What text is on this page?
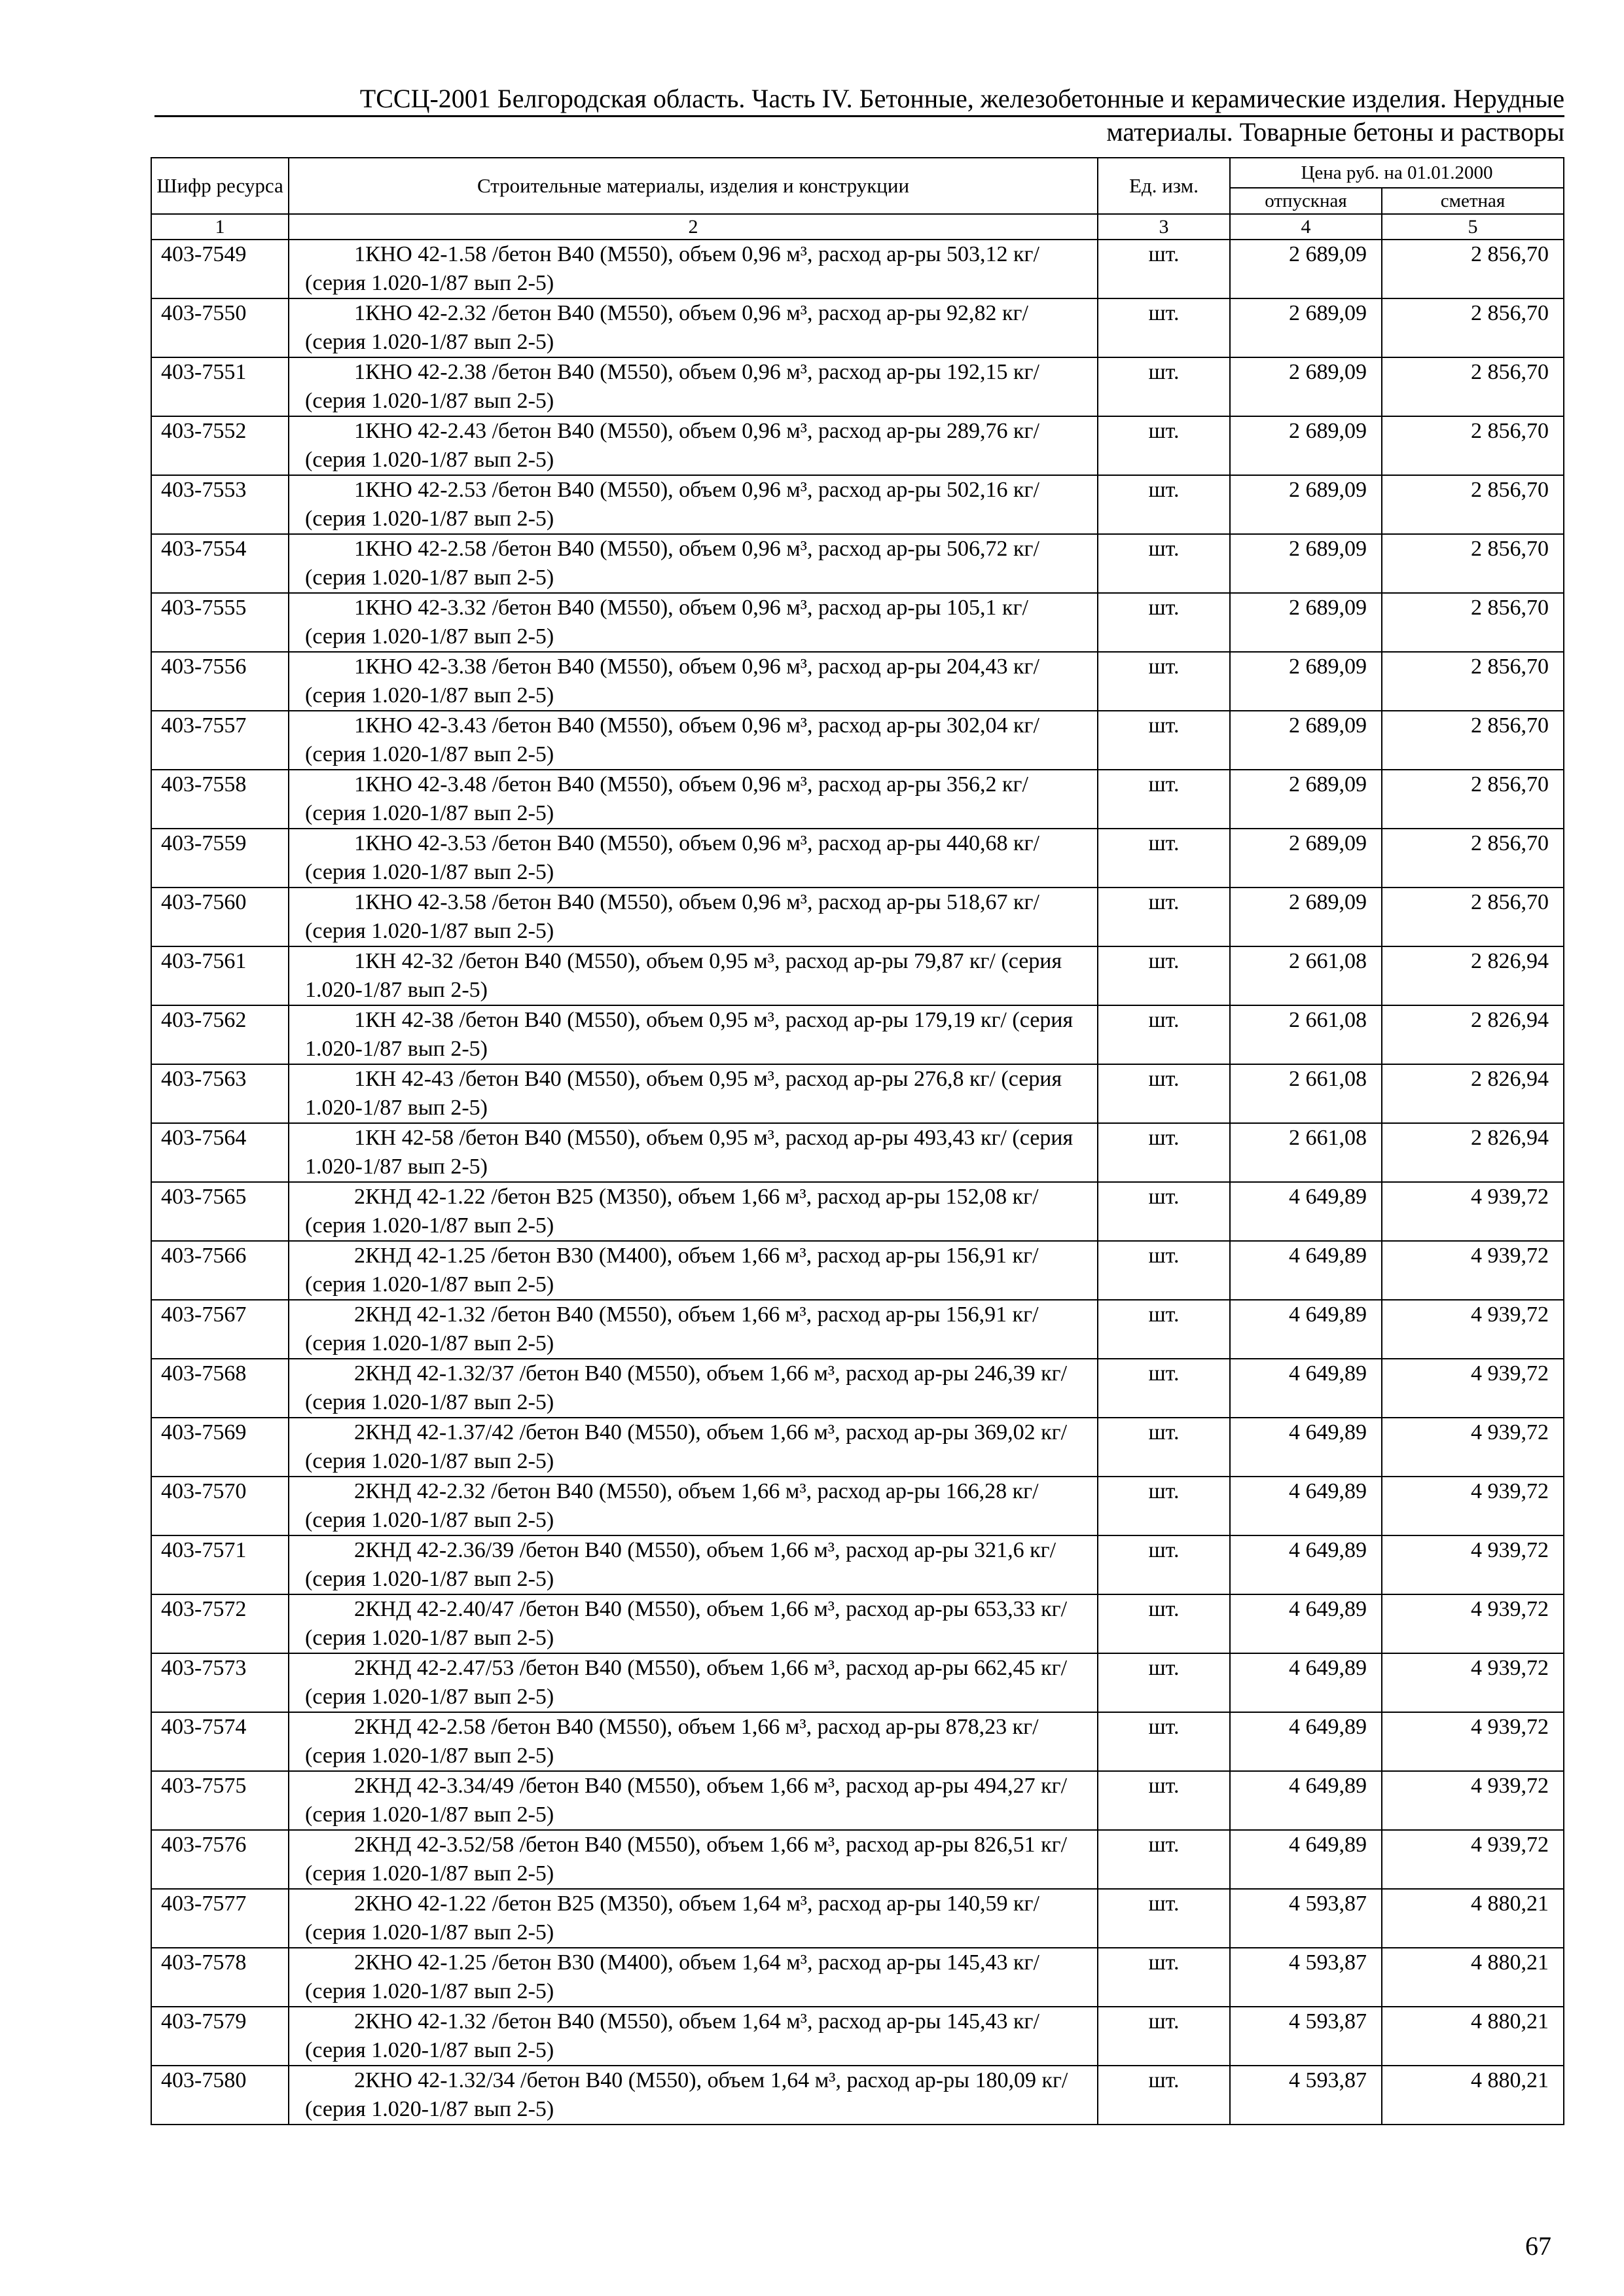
ТССЦ-2001 Белгородская область. Часть IV. Бетонные, железобетонные и керамические изделия. Нерудные
материалы. Товарные бетоны и растворы
Шифр ресурса	Строительные материалы, изделия и конструкции	Ед. изм.	Цена руб. на 01.01.2000	
			отпускная	сметная
1	2	3	4	5
403-7549	1КНО 42-1.58 /бетон В40 (М550), объем 0,96 м³, расход ар-ры 503,12 кг/ (серия 1.020-1/87 вып 2-5)	шт.	2 689,09	2 856,70
403-7550	1КНО 42-2.32 /бетон В40 (М550), объем 0,96 м³, расход ар-ры 92,82 кг/ (серия 1.020-1/87 вып 2-5)	шт.	2 689,09	2 856,70
403-7551	1КНО 42-2.38 /бетон В40 (М550), объем 0,96 м³, расход ар-ры 192,15 кг/ (серия 1.020-1/87 вып 2-5)	шт.	2 689,09	2 856,70
403-7552	1КНО 42-2.43 /бетон В40 (М550), объем 0,96 м³, расход ар-ры 289,76 кг/ (серия 1.020-1/87 вып 2-5)	шт.	2 689,09	2 856,70
403-7553	1КНО 42-2.53 /бетон В40 (М550), объем 0,96 м³, расход ар-ры 502,16 кг/ (серия 1.020-1/87 вып 2-5)	шт.	2 689,09	2 856,70
403-7554	1КНО 42-2.58 /бетон В40 (М550), объем 0,96 м³, расход ар-ры 506,72 кг/ (серия 1.020-1/87 вып 2-5)	шт.	2 689,09	2 856,70
403-7555	1КНО 42-3.32 /бетон В40 (М550), объем 0,96 м³, расход ар-ры 105,1 кг/ (серия 1.020-1/87 вып 2-5)	шт.	2 689,09	2 856,70
403-7556	1КНО 42-3.38 /бетон В40 (М550), объем 0,96 м³, расход ар-ры 204,43 кг/ (серия 1.020-1/87 вып 2-5)	шт.	2 689,09	2 856,70
403-7557	1КНО 42-3.43 /бетон В40 (М550), объем 0,96 м³, расход ар-ры 302,04 кг/ (серия 1.020-1/87 вып 2-5)	шт.	2 689,09	2 856,70
403-7558	1КНО 42-3.48 /бетон В40 (М550), объем 0,96 м³, расход ар-ры 356,2 кг/ (серия 1.020-1/87 вып 2-5)	шт.	2 689,09	2 856,70
403-7559	1КНО 42-3.53 /бетон В40 (М550), объем 0,96 м³, расход ар-ры 440,68 кг/ (серия 1.020-1/87 вып 2-5)	шт.	2 689,09	2 856,70
403-7560	1КНО 42-3.58 /бетон В40 (М550), объем 0,96 м³, расход ар-ры 518,67 кг/ (серия 1.020-1/87 вып 2-5)	шт.	2 689,09	2 856,70
403-7561	1КН 42-32 /бетон В40 (М550), объем 0,95 м³, расход ар-ры 79,87 кг/ (серия 1.020-1/87 вып 2-5)	шт.	2 661,08	2 826,94
403-7562	1КН 42-38 /бетон В40 (М550), объем 0,95 м³, расход ар-ры 179,19 кг/ (серия 1.020-1/87 вып 2-5)	шт.	2 661,08	2 826,94
403-7563	1КН 42-43 /бетон В40 (М550), объем 0,95 м³, расход ар-ры 276,8 кг/ (серия 1.020-1/87 вып 2-5)	шт.	2 661,08	2 826,94
403-7564	1КН 42-58 /бетон В40 (М550), объем 0,95 м³, расход ар-ры 493,43 кг/ (серия 1.020-1/87 вып 2-5)	шт.	2 661,08	2 826,94
403-7565	2КНД 42-1.22 /бетон В25 (М350), объем 1,66 м³, расход ар-ры 152,08 кг/ (серия 1.020-1/87 вып 2-5)	шт.	4 649,89	4 939,72
403-7566	2КНД 42-1.25 /бетон В30 (М400), объем 1,66 м³, расход ар-ры 156,91 кг/ (серия 1.020-1/87 вып 2-5)	шт.	4 649,89	4 939,72
403-7567	2КНД 42-1.32 /бетон В40 (М550), объем 1,66 м³, расход ар-ры 156,91 кг/ (серия 1.020-1/87 вып 2-5)	шт.	4 649,89	4 939,72
403-7568	2КНД 42-1.32/37 /бетон В40 (М550), объем 1,66 м³, расход ар-ры 246,39 кг/ (серия 1.020-1/87 вып 2-5)	шт.	4 649,89	4 939,72
403-7569	2КНД 42-1.37/42 /бетон В40 (М550), объем 1,66 м³, расход ар-ры 369,02 кг/ (серия 1.020-1/87 вып 2-5)	шт.	4 649,89	4 939,72
403-7570	2КНД 42-2.32 /бетон В40 (М550), объем 1,66 м³, расход ар-ры 166,28 кг/ (серия 1.020-1/87 вып 2-5)	шт.	4 649,89	4 939,72
403-7571	2КНД 42-2.36/39 /бетон В40 (М550), объем 1,66 м³, расход ар-ры 321,6 кг/ (серия 1.020-1/87 вып 2-5)	шт.	4 649,89	4 939,72
403-7572	2КНД 42-2.40/47 /бетон В40 (М550), объем 1,66 м³, расход ар-ры 653,33 кг/ (серия 1.020-1/87 вып 2-5)	шт.	4 649,89	4 939,72
403-7573	2КНД 42-2.47/53 /бетон В40 (М550), объем 1,66 м³, расход ар-ры 662,45 кг/ (серия 1.020-1/87 вып 2-5)	шт.	4 649,89	4 939,72
403-7574	2КНД 42-2.58 /бетон В40 (М550), объем 1,66 м³, расход ар-ры 878,23 кг/ (серия 1.020-1/87 вып 2-5)	шт.	4 649,89	4 939,72
403-7575	2КНД 42-3.34/49 /бетон В40 (М550), объем 1,66 м³, расход ар-ры 494,27 кг/ (серия 1.020-1/87 вып 2-5)	шт.	4 649,89	4 939,72
403-7576	2КНД 42-3.52/58 /бетон В40 (М550), объем 1,66 м³, расход ар-ры 826,51 кг/ (серия 1.020-1/87 вып 2-5)	шт.	4 649,89	4 939,72
403-7577	2КНО 42-1.22 /бетон В25 (М350), объем 1,64 м³, расход ар-ры 140,59 кг/ (серия 1.020-1/87 вып 2-5)	шт.	4 593,87	4 880,21
403-7578	2КНО 42-1.25 /бетон В30 (М400), объем 1,64 м³, расход ар-ры 145,43 кг/ (серия 1.020-1/87 вып 2-5)	шт.	4 593,87	4 880,21
403-7579	2КНО 42-1.32 /бетон В40 (М550), объем 1,64 м³, расход ар-ры 145,43 кг/ (серия 1.020-1/87 вып 2-5)	шт.	4 593,87	4 880,21
403-7580	2КНО 42-1.32/34 /бетон В40 (М550), объем 1,64 м³, расход ар-ры 180,09 кг/ (серия 1.020-1/87 вып 2-5)	шт.	4 593,87	4 880,21
67
